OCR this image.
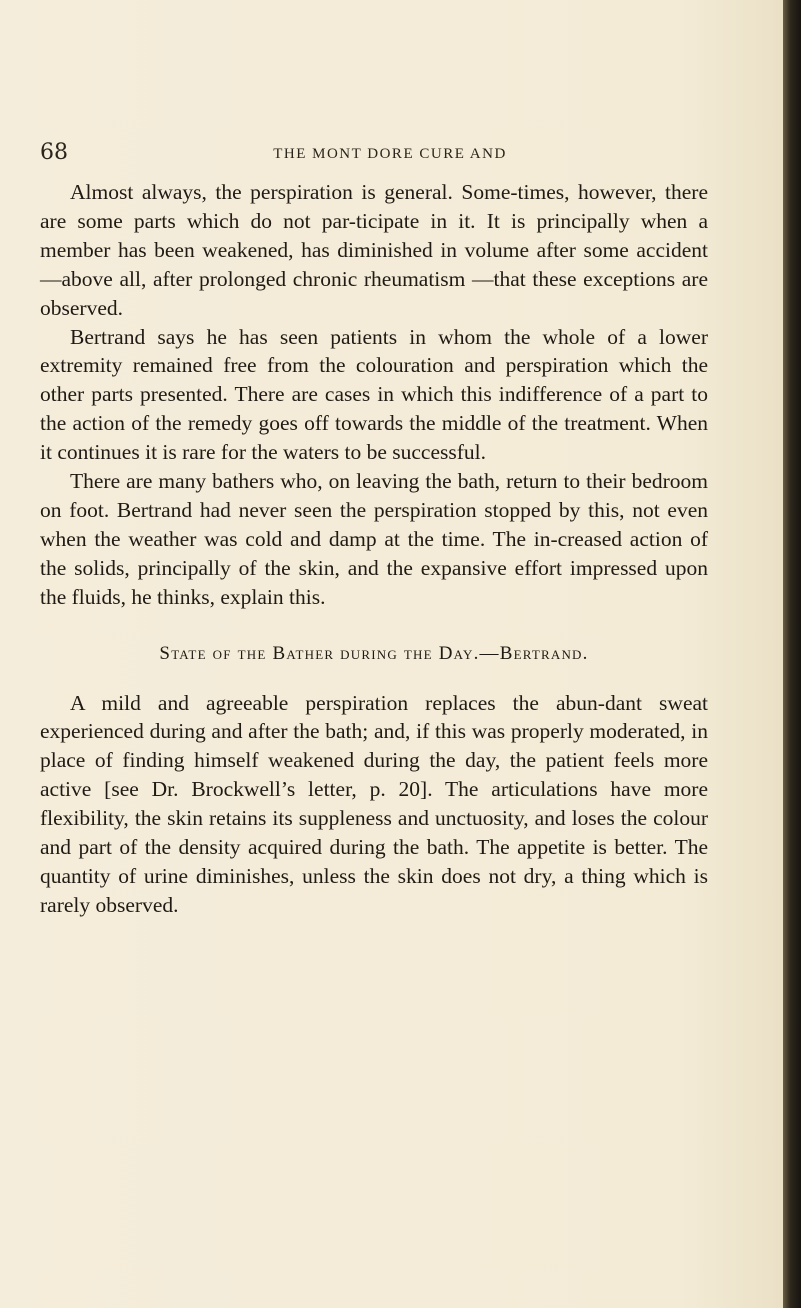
68	THE MONT DORE CURE AND

Almost always, the perspiration is general. Some-times, however, there are some parts which do not par-ticipate in it. It is principally when a member has been weakened, has diminished in volume after some accident—above all, after prolonged chronic rheumatism —that these exceptions are observed.

Bertrand says he has seen patients in whom the whole of a lower extremity remained free from the colouration and perspiration which the other parts presented. There are cases in which this indifference of a part to the action of the remedy goes off towards the middle of the treatment. When it continues it is rare for the waters to be successful.

There are many bathers who, on leaving the bath, return to their bedroom on foot. Bertrand had never seen the perspiration stopped by this, not even when the weather was cold and damp at the time. The in-creased action of the solids, principally of the skin, and the expansive effort impressed upon the fluids, he thinks, explain this.

State of the Bather during the Day.—Bertrand.

A mild and agreeable perspiration replaces the abun-dant sweat experienced during and after the bath; and, if this was properly moderated, in place of finding himself weakened during the day, the patient feels more active [see Dr. Brockwell’s letter, p. 20]. The articulations have more flexibility, the skin retains its suppleness and unctuosity, and loses the colour and part of the density acquired during the bath. The appetite is better. The quantity of urine diminishes, unless the skin does not dry, a thing which is rarely observed.
